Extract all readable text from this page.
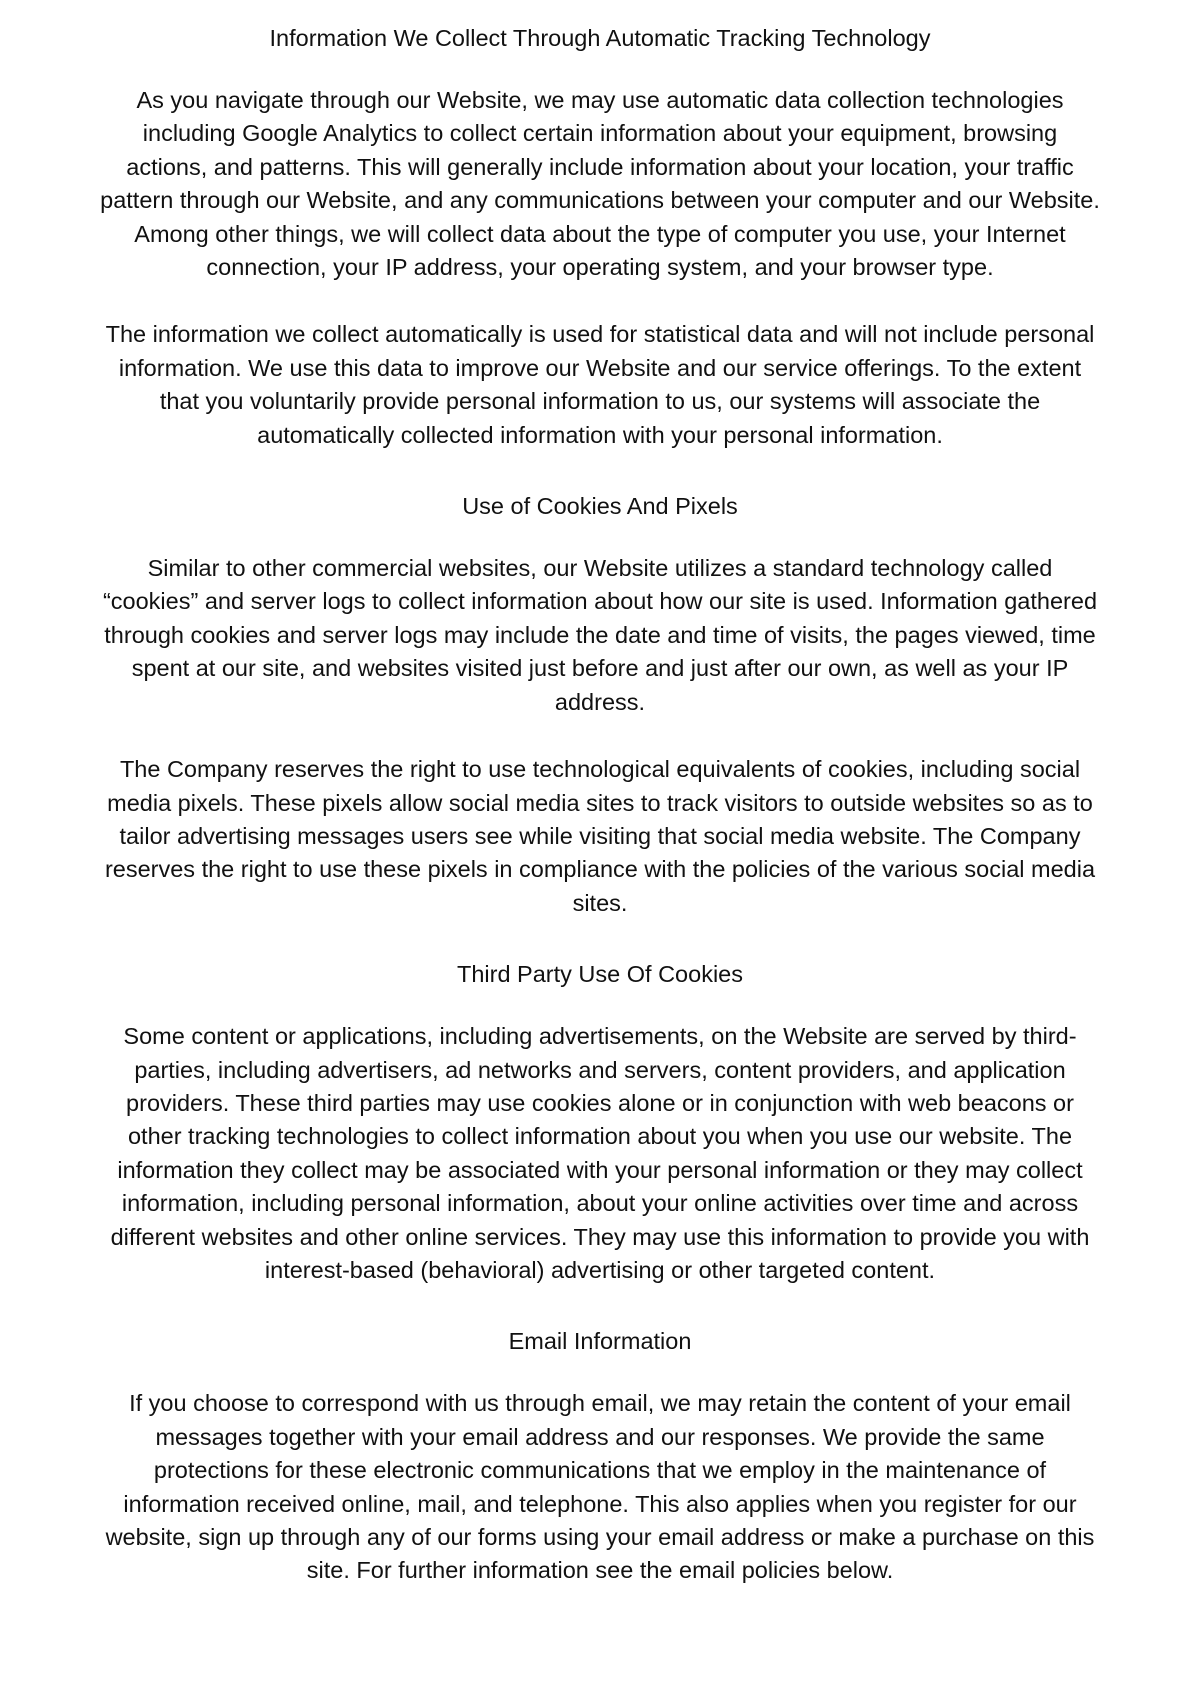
Information We Collect Through Automatic Tracking Technology

As you navigate through our Website, we may use automatic data collection technologies including Google Analytics to collect certain information about your equipment, browsing actions, and patterns. This will generally include information about your location, your traffic pattern through our Website, and any communications between your computer and our Website. Among other things, we will collect data about the type of computer you use, your Internet connection, your IP address, your operating system, and your browser type.

The information we collect automatically is used for statistical data and will not include personal information. We use this data to improve our Website and our service offerings. To the extent that you voluntarily provide personal information to us, our systems will associate the automatically collected information with your personal information.

Use of Cookies And Pixels

Similar to other commercial websites, our Website utilizes a standard technology called “cookies” and server logs to collect information about how our site is used. Information gathered through cookies and server logs may include the date and time of visits, the pages viewed, time spent at our site, and websites visited just before and just after our own, as well as your IP address.

The Company reserves the right to use technological equivalents of cookies, including social media pixels. These pixels allow social media sites to track visitors to outside websites so as to tailor advertising messages users see while visiting that social media website. The Company reserves the right to use these pixels in compliance with the policies of the various social media sites.

Third Party Use Of Cookies

Some content or applications, including advertisements, on the Website are served by third-parties, including advertisers, ad networks and servers, content providers, and application providers. These third parties may use cookies alone or in conjunction with web beacons or other tracking technologies to collect information about you when you use our website. The information they collect may be associated with your personal information or they may collect information, including personal information, about your online activities over time and across different websites and other online services. They may use this information to provide you with interest-based (behavioral) advertising or other targeted content.

Email Information

If you choose to correspond with us through email, we may retain the content of your email messages together with your email address and our responses. We provide the same protections for these electronic communications that we employ in the maintenance of information received online, mail, and telephone. This also applies when you register for our website, sign up through any of our forms using your email address or make a purchase on this site. For further information see the email policies below.
